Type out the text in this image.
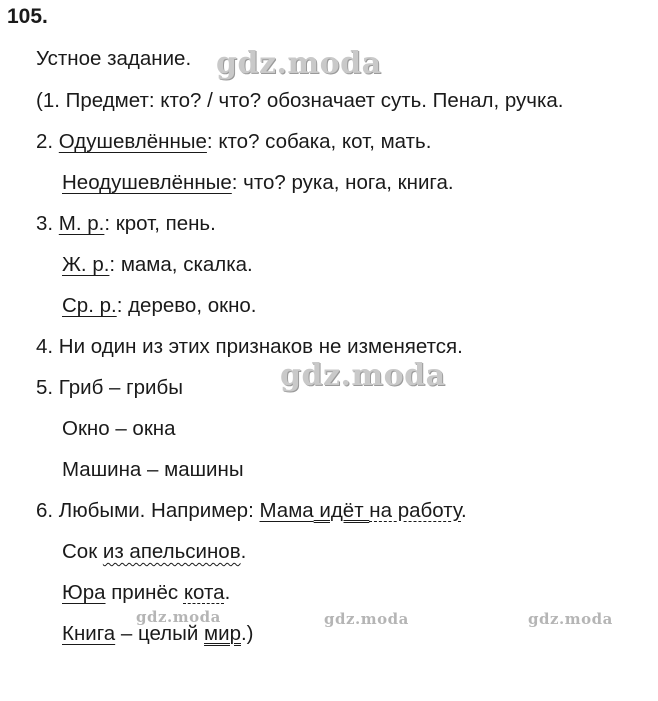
105.
Устное задание.
(1. Предмет: кто? / что? обозначает суть. Пенал, ручка.
2. Одушевлённые: кто? собака, кот, мать.
Неодушевлённые: что? рука, нога, книга.
3. М. р.: крот, пень.
Ж. р.: мама, скалка.
Ср. р.: дерево, окно.
4. Ни один из этих признаков не изменяется.
5. Гриб – грибы
Окно – окна
Машина – машины
6. Любыми. Например: Мама идёт на работу.
Сок из апельсинов.
Юра принёс кота.
Книга – целый мир.)
gdz.moda
gdz.moda
gdz.moda	gdz.moda	gdz.moda
